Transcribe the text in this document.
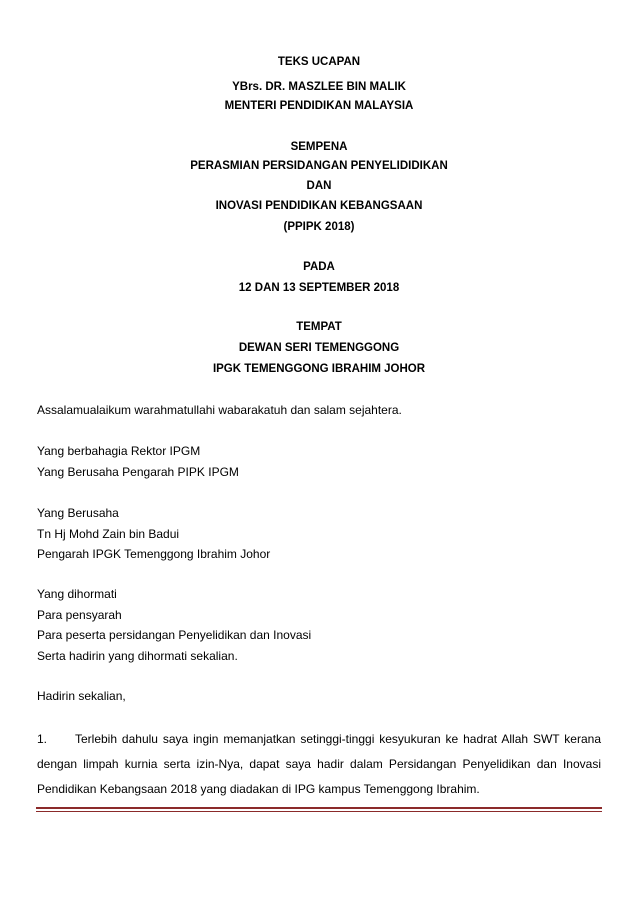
TEKS UCAPAN
YBrs. DR. MASZLEE BIN MALIK
MENTERI PENDIDIKAN MALAYSIA
SEMPENA
PERASMIAN PERSIDANGAN PENYELIDIDIKAN
DAN
INOVASI PENDIDIKAN KEBANGSAAN
(PPIPK 2018)
PADA
12 DAN 13 SEPTEMBER 2018
TEMPAT
DEWAN SERI TEMENGGONG
IPGK TEMENGGONG IBRAHIM JOHOR
Assalamualaikum warahmatullahi wabarakatuh dan salam sejahtera.
Yang berbahagia Rektor IPGM
Yang Berusaha Pengarah PIPK IPGM
Yang Berusaha
Tn Hj Mohd Zain bin Badui
Pengarah IPGK Temenggong Ibrahim Johor
Yang dihormati
Para pensyarah
Para peserta persidangan Penyelidikan dan Inovasi
Serta hadirin yang dihormati sekalian.
Hadirin sekalian,
1. Terlebih dahulu saya ingin memanjatkan setinggi-tinggi kesyukuran ke hadrat Allah SWT kerana dengan limpah kurnia serta izin-Nya, dapat saya hadir dalam Persidangan Penyelidikan dan Inovasi Pendidikan Kebangsaan 2018 yang diadakan di IPG kampus Temenggong Ibrahim.
